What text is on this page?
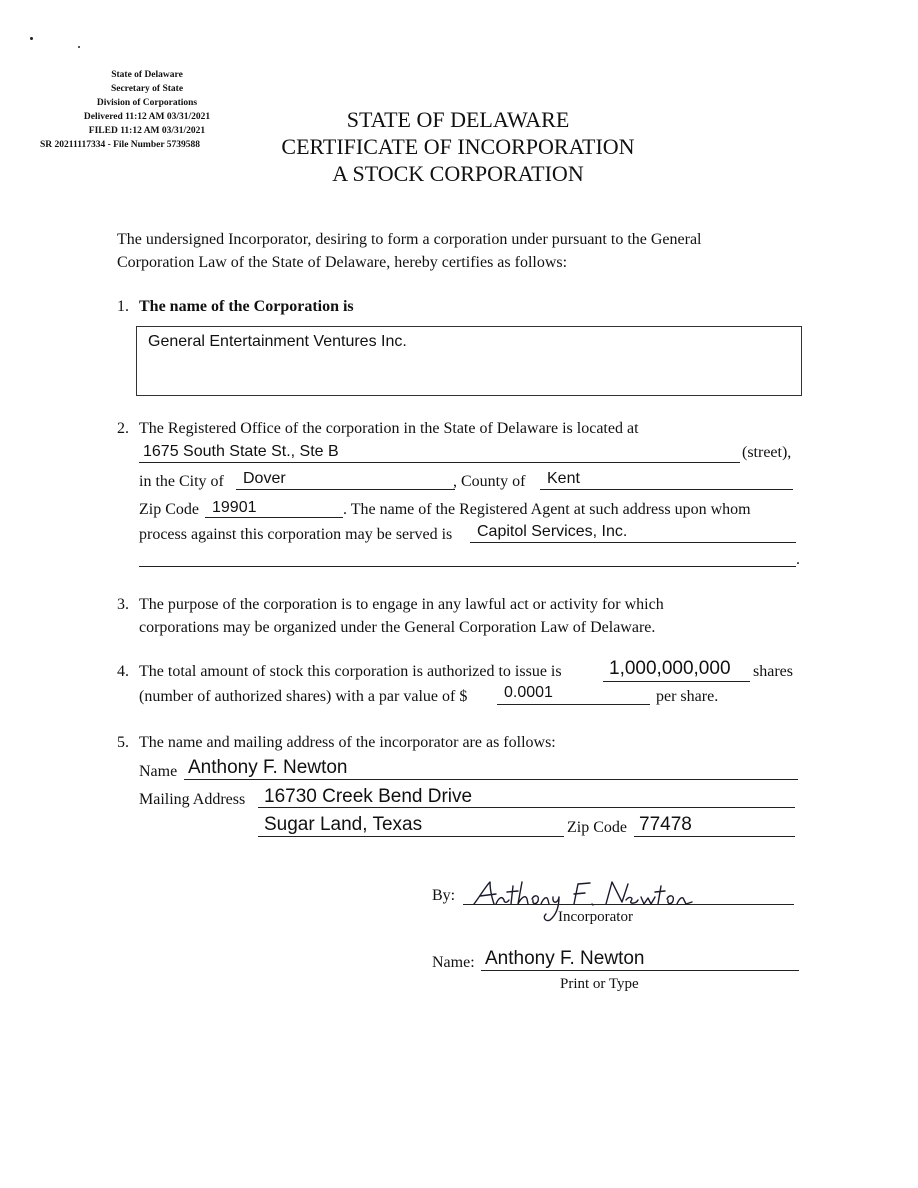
State of Delaware
Secretary of State
Division of Corporations
Delivered 11:12 AM 03/31/2021
FILED 11:12 AM 03/31/2021
SR 20211117334 - File Number 5739588
STATE OF DELAWARE
CERTIFICATE OF INCORPORATION
A STOCK CORPORATION
The undersigned Incorporator, desiring to form a corporation under pursuant to the General
Corporation Law of the State of Delaware, hereby certifies as follows:
1. The name of the Corporation is
General Entertainment Ventures Inc.
2. The Registered Office of the corporation in the State of Delaware is located at
1675 South State St., Ste B	(street),
in the City of Dover	, County of Kent
Zip Code 19901	. The name of the Registered Agent at such address upon whom
process against this corporation may be served is Capitol Services, Inc.
.
3. The purpose of the corporation is to engage in any lawful act or activity for which
corporations may be organized under the General Corporation Law of Delaware.
4. The total amount of stock this corporation is authorized to issue is 1,000,000,000 shares
(number of authorized shares) with a par value of $ 0.0001	per share.
5. The name and mailing address of the incorporator are as follows:
Name Anthony F. Newton
Mailing Address 16730 Creek Bend Drive
Sugar Land, Texas	Zip Code 77478
By:
Incorporator
Name: Anthony F. Newton
Print or Type
